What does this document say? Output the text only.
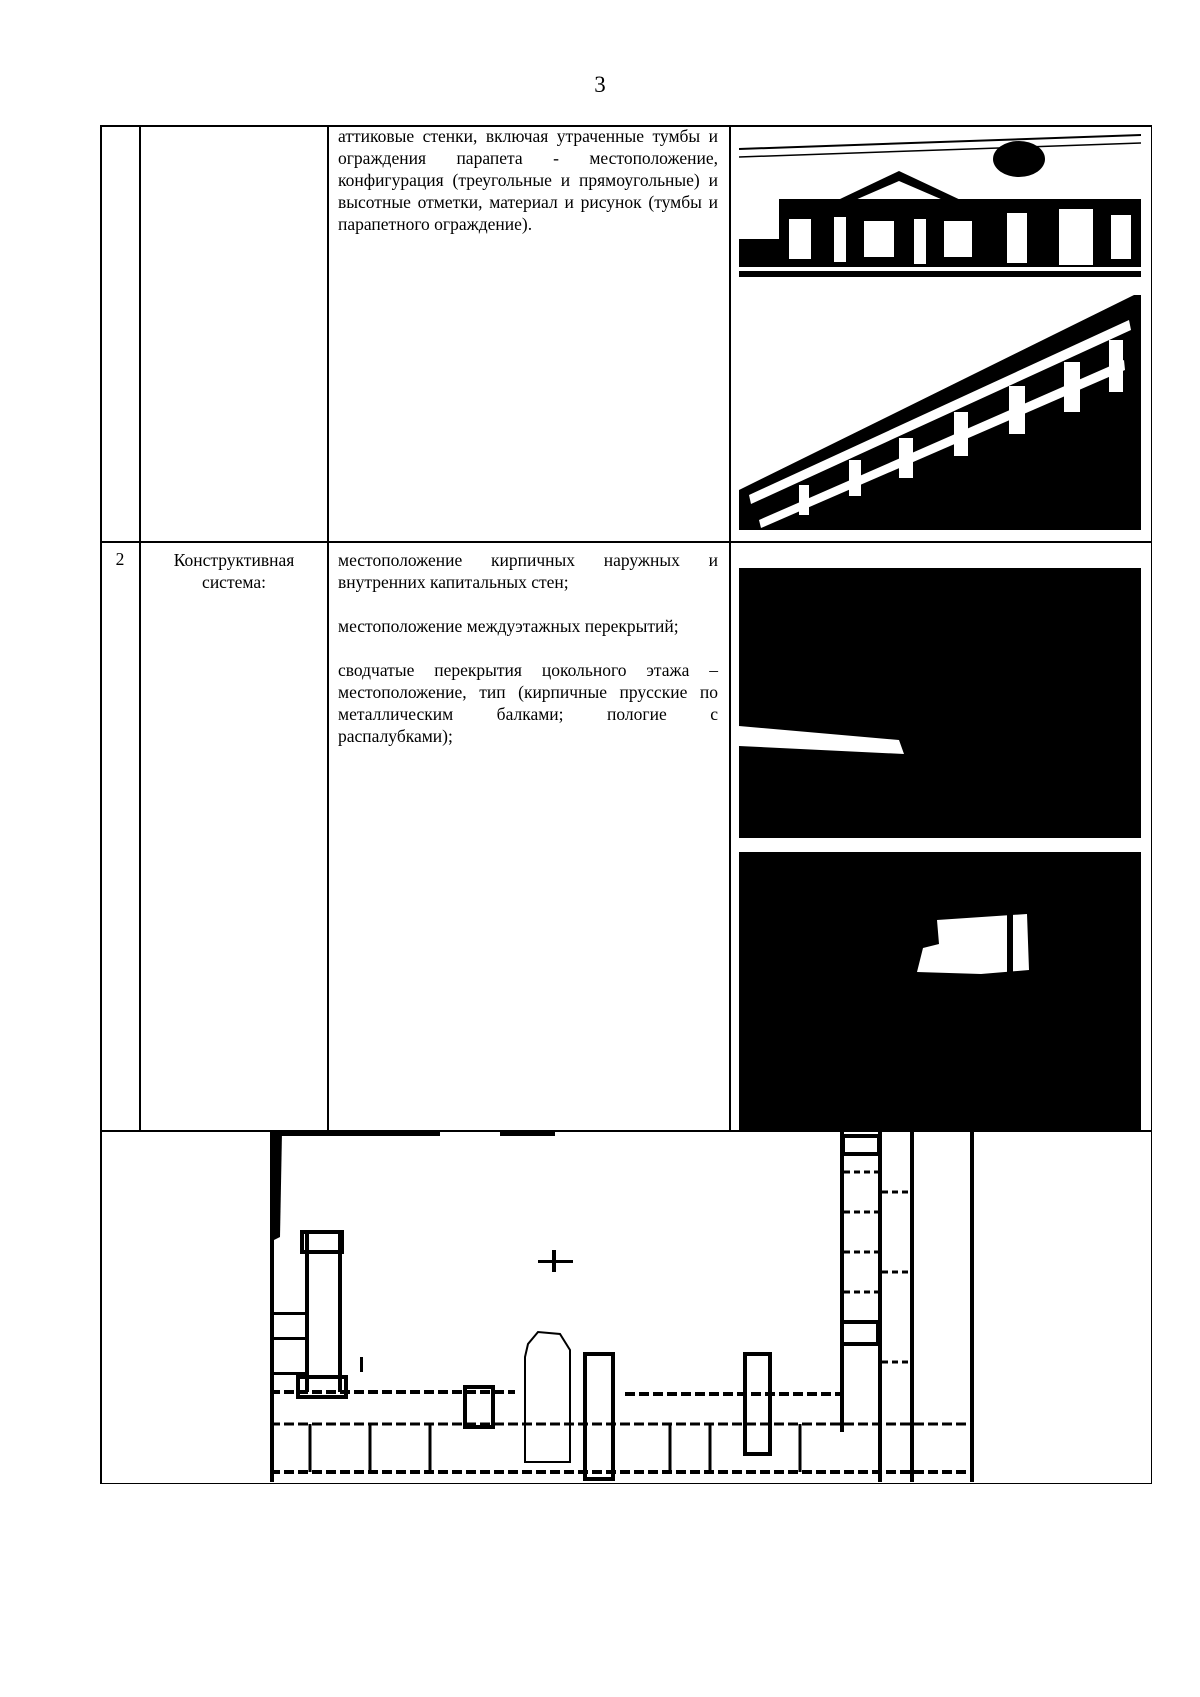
3

аттиковые стенки, включая утраченные тумбы и ограждения парапета - местоположение, конфигурация (треугольные и прямоугольные) и высотные отметки, материал и рисунок (тумбы и парапетного ограждение).

2	Конструктивная система:

местоположение кирпичных наружных и внутренних капитальных стен;

местоположение междуэтажных перекрытий;

сводчатые перекрытия цокольного этажа – местоположение, тип (кирпичные прусские по металлическим балками; пологие с распалубками);
